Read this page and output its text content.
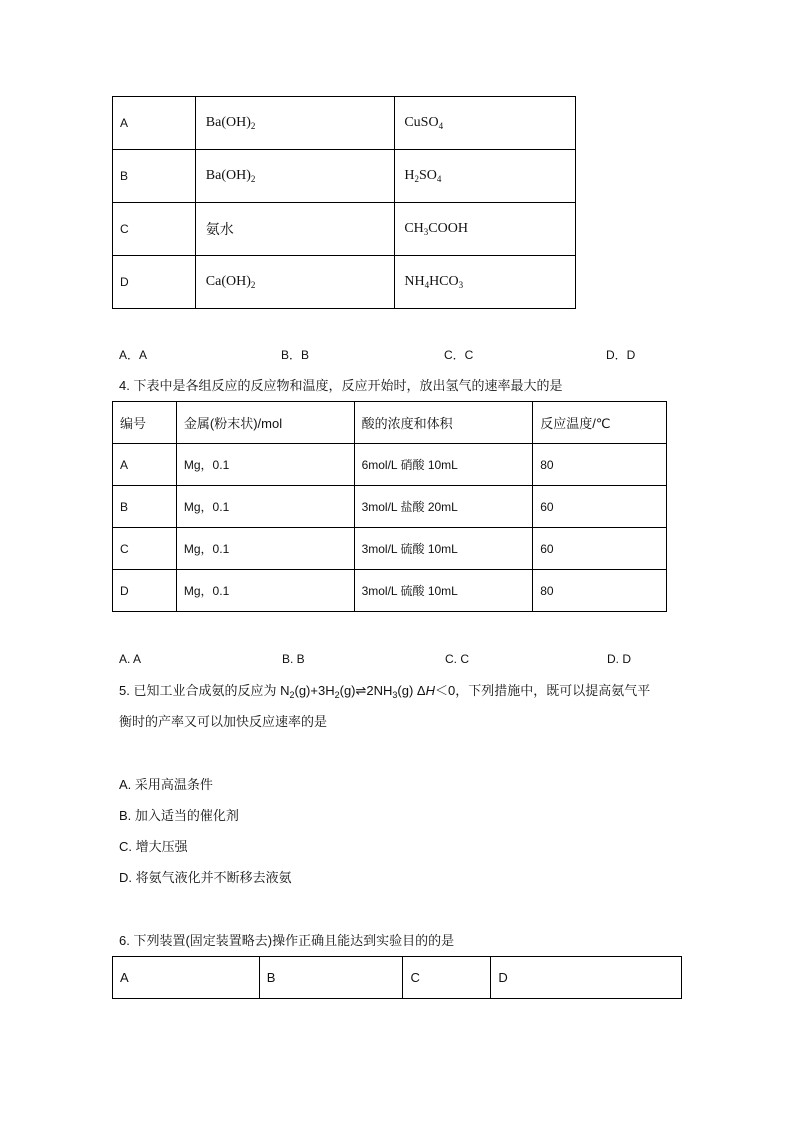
A	$Ba(OH)_2$	CuSO$_4$
B	$Ba(OH)_2$	$H_2SO_4$
C	氨水	$CH_3COOH$
D	$Ca(OH)_2$	$NH_4HCO_3$
A．A	B．B	C．C	D．D
4. 下表中是各组反应的反应物和温度，反应开始时，放出氢气的速率最大的是
编号	金属(粉末状)/mol	酸的浓度和体积	反应温度/℃
A	Mg，0.1	6mol/L 硝酸 10mL	80
B	Mg，0.1	3mol/L 盐酸 20mL	60
C	Mg，0.1	3mol/L 硫酸 10mL	60
D	Mg，0.1	3mol/L 硫酸 10mL	80
A. A	B. B	C. C	D. D
5. 已知工业合成氨的反应为 $N_2(g)+3H_2(g)\rightleftharpoons 2NH_3(g)$ ΔH＜0，下列措施中，既可以提高氨气平
衡时的产率又可以加快反应速率的是
A. 采用高温条件
B. 加入适当的催化剂
C. 增大压强
D. 将氨气液化并不断移去液氨
6. 下列装置(固定装置略去)操作正确且能达到实验目的的是
A	B	C	D
